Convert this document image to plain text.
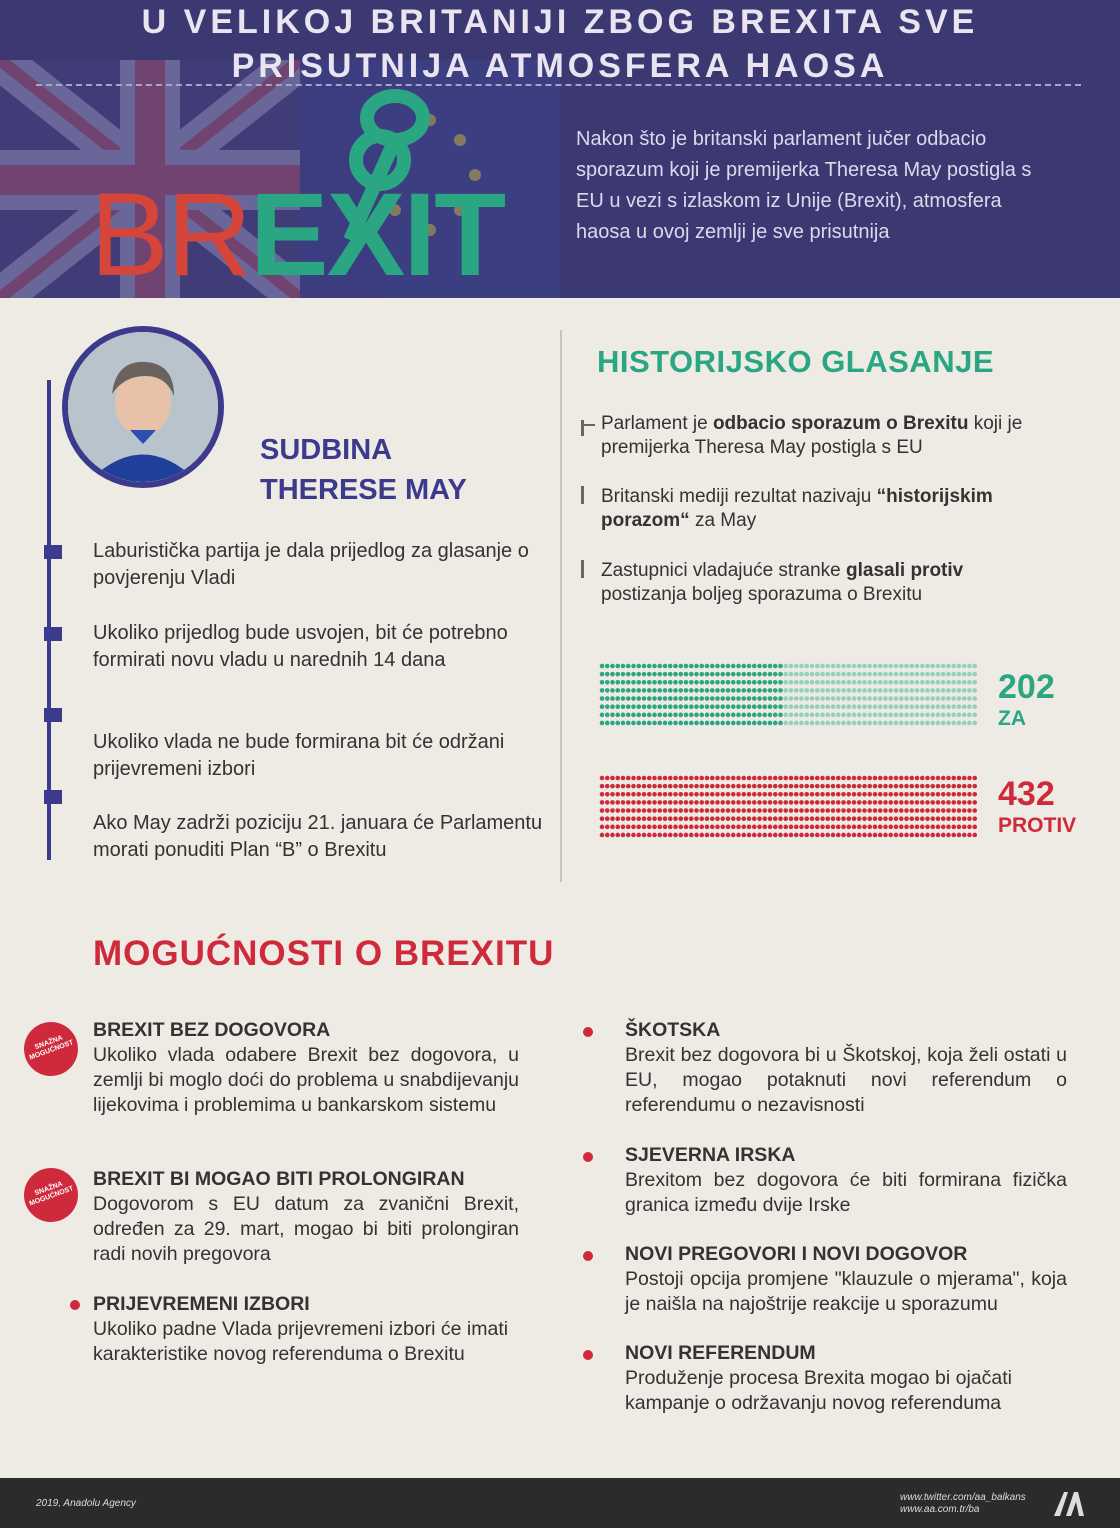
U VELIKOJ BRITANIJI ZBOG BREXITA SVE
PRISUTNIJA ATMOSFERA HAOSA
BREXIT
Nakon što je britanski parlament jučer odbacio sporazum koji je premijerka Theresa May postigla s EU u vezi s izlaskom iz Unije (Brexit), atmosfera haosa u ovoj zemlji je sve prisutnija
SUDBINA
THERESE MAY
Laburistička partija je dala prijedlog za glasanje o povjerenju Vladi
Ukoliko prijedlog bude usvojen, bit će potrebno formirati novu vladu u narednih 14 dana
Ukoliko vlada ne bude formirana bit će održani prijevremeni izbori
Ako May zadrži poziciju 21. januara će Parlamentu morati ponuditi Plan “B” o Brexitu
HISTORIJSKO GLASANJE
Parlament je odbacio sporazum o Brexitu koji je premijerka Theresa May postigla s EU
Britanski mediji rezultat nazivaju “historijskim porazom“ za May
Zastupnici vladajuće stranke glasali protiv postizanja boljeg sporazuma o Brexitu
202
ZA
432
PROTIV
MOGUĆNOSTI O BREXITU
SNAŽNA MOGUĆNOST
BREXIT BEZ DOGOVORA
Ukoliko vlada odabere Brexit bez dogovora, u zemlji bi moglo doći do problema u snabdijevanju lijekovima i problemima u bankarskom sistemu
SNAŽNA MOGUĆNOST
BREXIT BI MOGAO BITI PROLONGIRAN
Dogovorom s EU datum za zvanični Brexit, određen za 29. mart, mogao bi biti prolongiran radi novih pregovora
PRIJEVREMENI IZBORI
Ukoliko padne Vlada prijevremeni izbori će imati karakteristike novog referenduma o Brexitu
ŠKOTSKA
Brexit bez dogovora bi u Škotskoj, koja želi ostati u EU, mogao potaknuti novi referendum o referendumu o nezavisnosti
SJEVERNA IRSKA
Brexitom bez dogovora će biti formirana fizička granica između dvije Irske
NOVI PREGOVORI I NOVI DOGOVOR
Postoji opcija promjene "klauzule o mjerama", koja je naišla na najoštrije reakcije u sporazumu
NOVI REFERENDUM
Produženje procesa Brexita mogao bi ojačati kampanje o održavanju novog referenduma
2019, Anadolu Agency
www.twitter.com/aa_balkans
www.aa.com.tr/ba
